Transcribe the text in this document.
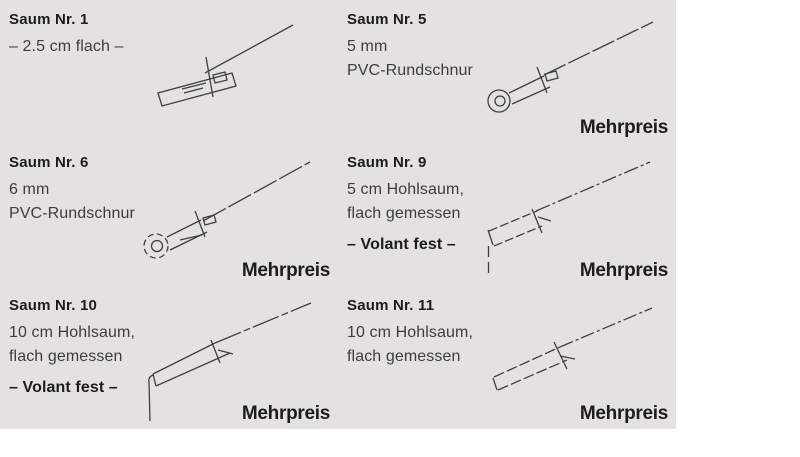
Saum Nr. 1

– 2.5 cm flach –

Saum Nr. 5

5 mm

PVC-Rundschnur

Mehrpreis
Saum Nr. 6

6 mm

PVC-Rundschnur

Mehrpreis
Saum Nr. 9

5 cm Hohlsaum,

flach gemessen

– Volant fest –

Mehrpreis
Saum Nr. 10

10 cm Hohlsaum,

flach gemessen

– Volant fest –

Mehrpreis
Saum Nr. 11

10 cm Hohlsaum,

flach gemessen

Mehrpreis
